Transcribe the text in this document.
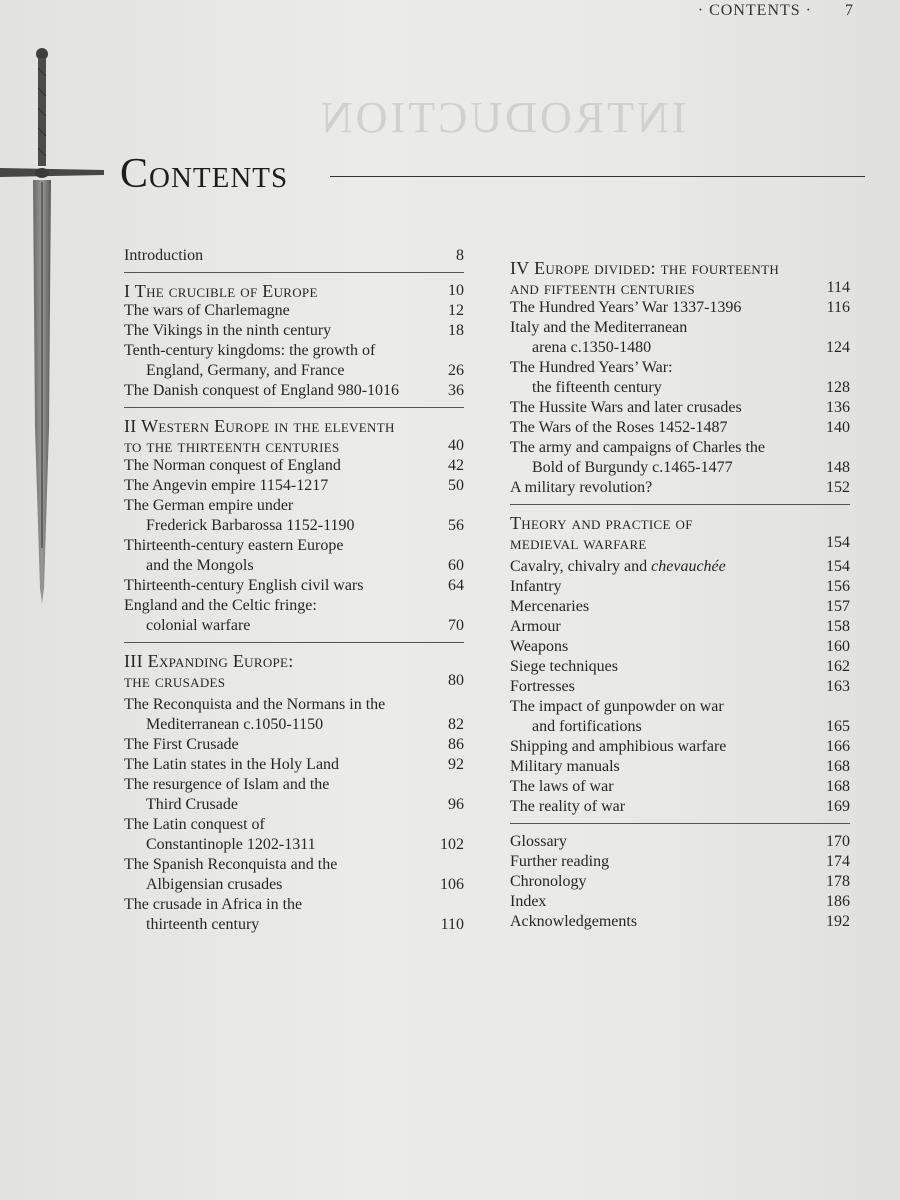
· CONTENTS · 7
INTRODUCTION
Contents
Introduction	8
I The crucible of Europe	10
The wars of Charlemagne	12
The Vikings in the ninth century	18
Tenth-century kingdoms: the growth of
England, Germany, and France	26
The Danish conquest of England 980-1016	36
II Western Europe in the eleventh
to the thirteenth centuries	40
The Norman conquest of England	42
The Angevin empire 1154-1217	50
The German empire under
Frederick Barbarossa 1152-1190	56
Thirteenth-century eastern Europe
and the Mongols	60
Thirteenth-century English civil wars	64
England and the Celtic fringe:
colonial warfare	70
III Expanding Europe:
the crusades	80
The Reconquista and the Normans in the
Mediterranean c.1050-1150	82
The First Crusade	86
The Latin states in the Holy Land	92
The resurgence of Islam and the
Third Crusade	96
The Latin conquest of
Constantinople 1202-1311	102
The Spanish Reconquista and the
Albigensian crusades	106
The crusade in Africa in the
thirteenth century	110
IV Europe divided: the fourteenth
and fifteenth centuries	114
The Hundred Years’ War 1337-1396	116
Italy and the Mediterranean
arena c.1350-1480	124
The Hundred Years’ War:
the fifteenth century	128
The Hussite Wars and later crusades	136
The Wars of the Roses 1452-1487	140
The army and campaigns of Charles the
Bold of Burgundy c.1465-1477	148
A military revolution?	152
Theory and practice of
medieval warfare	154
Cavalry, chivalry and chevauchée	154
Infantry	156
Mercenaries	157
Armour	158
Weapons	160
Siege techniques	162
Fortresses	163
The impact of gunpowder on war
and fortifications	165
Shipping and amphibious warfare	166
Military manuals	168
The laws of war	168
The reality of war	169
Glossary	170
Further reading	174
Chronology	178
Index	186
Acknowledgements	192
